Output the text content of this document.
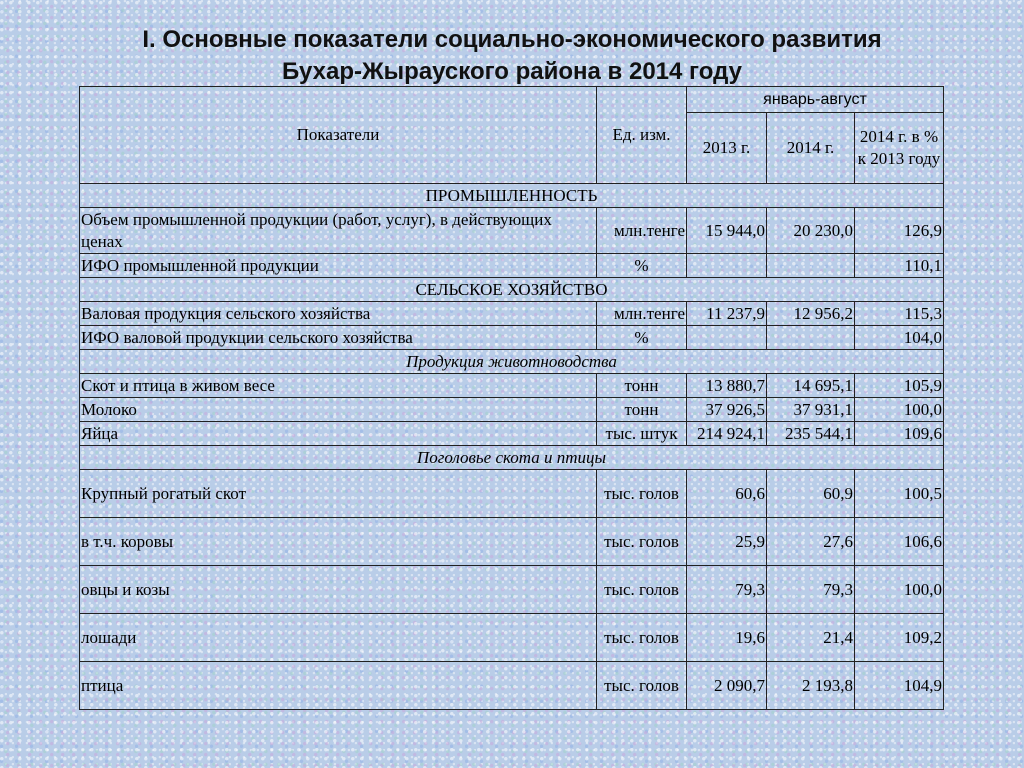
I. Основные показатели социально-экономического развития
Бухар-Жырауского района в 2014 году
Показатели	Ед. изм.	январь-август		
		2013 г.	2014 г.	2014 г. в % к 2013 году
ПРОМЫШЛЕННОСТЬ				
Объем промышленной продукции (работ, услуг), в действующих ценах	млн.тенге	15 944,0	20 230,0	126,9
ИФО промышленной продукции	%			110,1
СЕЛЬСКОЕ ХОЗЯЙСТВО				
Валовая продукция сельского хозяйства	млн.тенге	11 237,9	12 956,2	115,3
ИФО валовой продукции сельского хозяйства	%			104,0
Продукция животноводства				
Скот и птица в живом весе	тонн	13 880,7	14 695,1	105,9
Молоко	тонн	37 926,5	37 931,1	100,0
Яйца	тыс. штук	214 924,1	235 544,1	109,6
Поголовье скота и птицы				
Крупный рогатый скот	тыс. голов	60,6	60,9	100,5
в т.ч. коровы	тыс. голов	25,9	27,6	106,6
овцы и козы	тыс. голов	79,3	79,3	100,0
лошади	тыс. голов	19,6	21,4	109,2
птица	тыс. голов	2 090,7	2 193,8	104,9
